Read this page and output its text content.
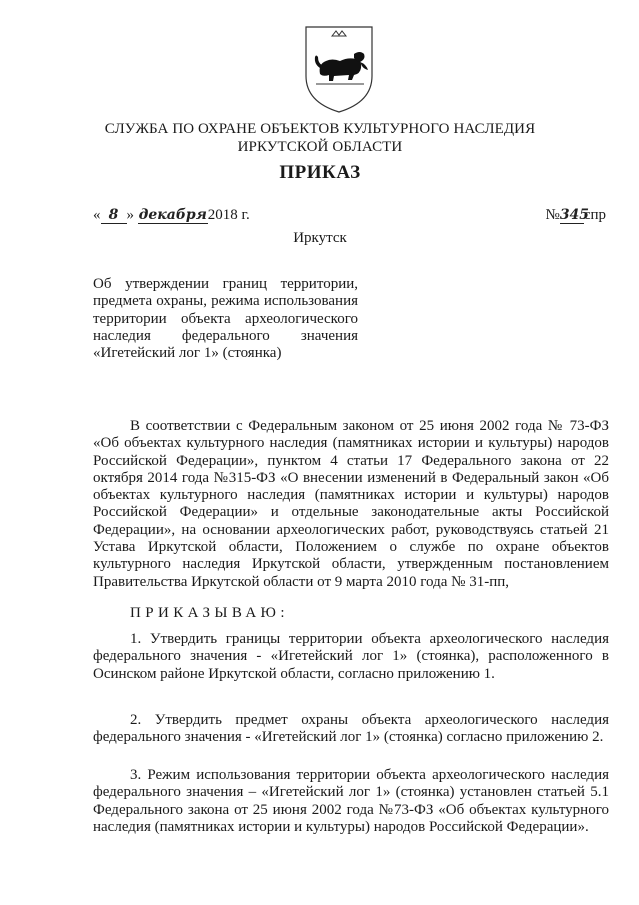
СЛУЖБА ПО ОХРАНЕ ОБЪЕКТОВ КУЛЬТУРНОГО НАСЛЕДИЯ
ИРКУТСКОЙ ОБЛАСТИ
ПРИКАЗ
« 8 » декабря2018 г.	№345спр
Иркутск
Об утверждении границ территории, предмета охраны, режима использования территории объекта археологического наследия федерального значения «Игетейский лог 1» (стоянка)
В соответствии с Федеральным законом от 25 июня 2002 года № 73-ФЗ «Об объектах культурного наследия (памятниках истории и культуры) народов Российской Федерации», пунктом 4 статьи 17 Федерального закона от 22 октября 2014 года №315-ФЗ «О внесении изменений в Федеральный закон «Об объектах культурного наследия (памятниках истории и культуры) народов Российской Федерации» и отдельные законодательные акты Российской Федерации», на основании археологических работ, руководствуясь статьей 21 Устава Иркутской области, Положением о службе по охране объектов культурного наследия Иркутской области, утвержденным постановлением Правительства Иркутской области от 9 марта 2010 года № 31-пп,
ПРИКАЗЫВАЮ:
1. Утвердить границы территории объекта археологического наследия федерального значения - «Игетейский лог 1» (стоянка), расположенного в Осинском районе Иркутской области, согласно приложению 1.
2. Утвердить предмет охраны объекта археологического наследия федерального значения - «Игетейский лог 1» (стоянка) согласно приложению 2.
3. Режим использования территории объекта археологического наследия федерального значения – «Игетейский лог 1» (стоянка) установлен статьей 5.1 Федерального закона от 25 июня 2002 года №73-ФЗ «Об объектах культурного наследия (памятниках истории и культуры) народов Российской Федерации».
